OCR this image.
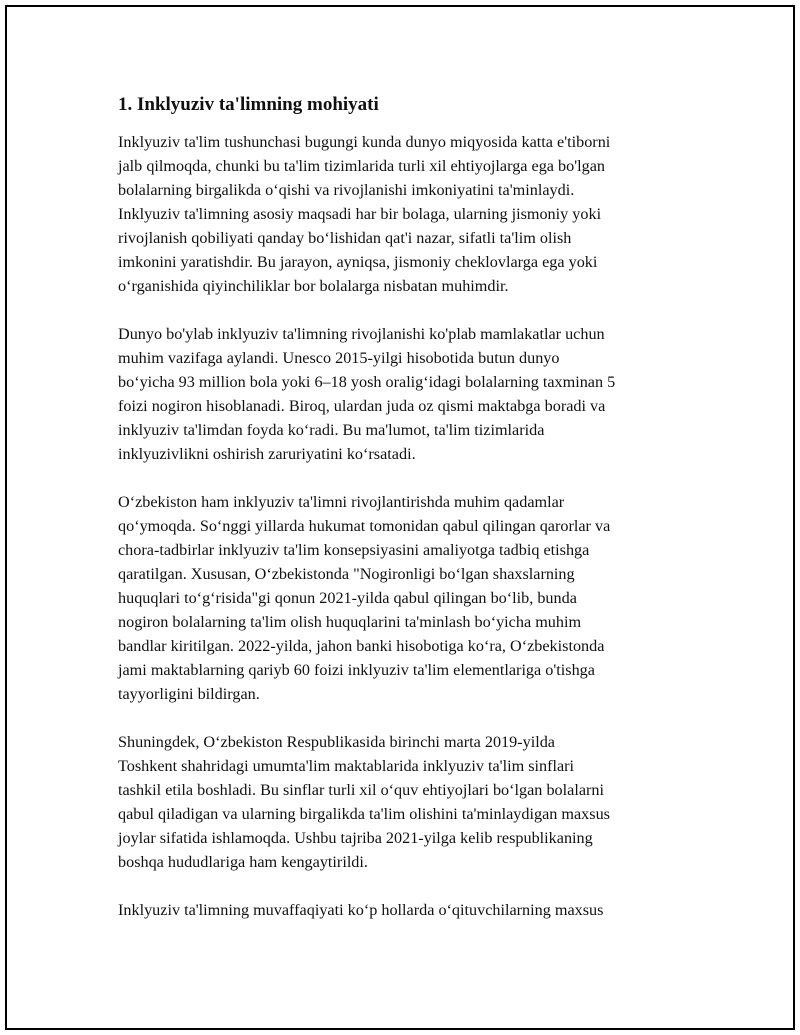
1. Inklyuziv ta'limning mohiyati
Inklyuziv ta'lim tushunchasi bugungi kunda dunyo miqyosida katta e'tiborni
jalb qilmoqda, chunki bu ta'lim tizimlarida turli xil ehtiyojlarga ega bo'lgan
bolalarning birgalikda o‘qishi va rivojlanishi imkoniyatini ta'minlaydi.
Inklyuziv ta'limning asosiy maqsadi har bir bolaga, ularning jismoniy yoki
rivojlanish qobiliyati qanday bo‘lishidan qat'i nazar, sifatli ta'lim olish
imkonini yaratishdir. Bu jarayon, ayniqsa, jismoniy cheklovlarga ega yoki
o‘rganishida qiyinchiliklar bor bolalarga nisbatan muhimdir.
Dunyo bo'ylab inklyuziv ta'limning rivojlanishi ko'plab mamlakatlar uchun
muhim vazifaga aylandi. Unesco 2015-yilgi hisobotida butun dunyo
bo‘yicha 93 million bola yoki 6–18 yosh oralig‘idagi bolalarning taxminan 5
foizi nogiron hisoblanadi. Biroq, ulardan juda oz qismi maktabga boradi va
inklyuziv ta'limdan foyda ko‘radi. Bu ma'lumot, ta'lim tizimlarida
inklyuzivlikni oshirish zaruriyatini ko‘rsatadi.
O‘zbekiston ham inklyuziv ta'limni rivojlantirishda muhim qadamlar
qo‘ymoqda. So‘nggi yillarda hukumat tomonidan qabul qilingan qarorlar va
chora-tadbirlar inklyuziv ta'lim konsepsiyasini amaliyotga tadbiq etishga
qaratilgan. Xususan, O‘zbekistonda "Nogironligi bo‘lgan shaxslarning
huquqlari to‘g‘risida"gi qonun 2021-yilda qabul qilingan bo‘lib, bunda
nogiron bolalarning ta'lim olish huquqlarini ta'minlash bo‘yicha muhim
bandlar kiritilgan. 2022-yilda, jahon banki hisobotiga ko‘ra, O‘zbekistonda
jami maktablarning qariyb 60 foizi inklyuziv ta'lim elementlariga o'tishga
tayyorligini bildirgan.
Shuningdek, O‘zbekiston Respublikasida birinchi marta 2019-yilda
Toshkent shahridagi umumta'lim maktablarida inklyuziv ta'lim sinflari
tashkil etila boshladi. Bu sinflar turli xil o‘quv ehtiyojlari bo‘lgan bolalarni
qabul qiladigan va ularning birgalikda ta'lim olishini ta'minlaydigan maxsus
joylar sifatida ishlamoqda. Ushbu tajriba 2021-yilga kelib respublikaning
boshqa hududlariga ham kengaytirildi.
Inklyuziv ta'limning muvaffaqiyati ko‘p hollarda o‘qituvchilarning maxsus
